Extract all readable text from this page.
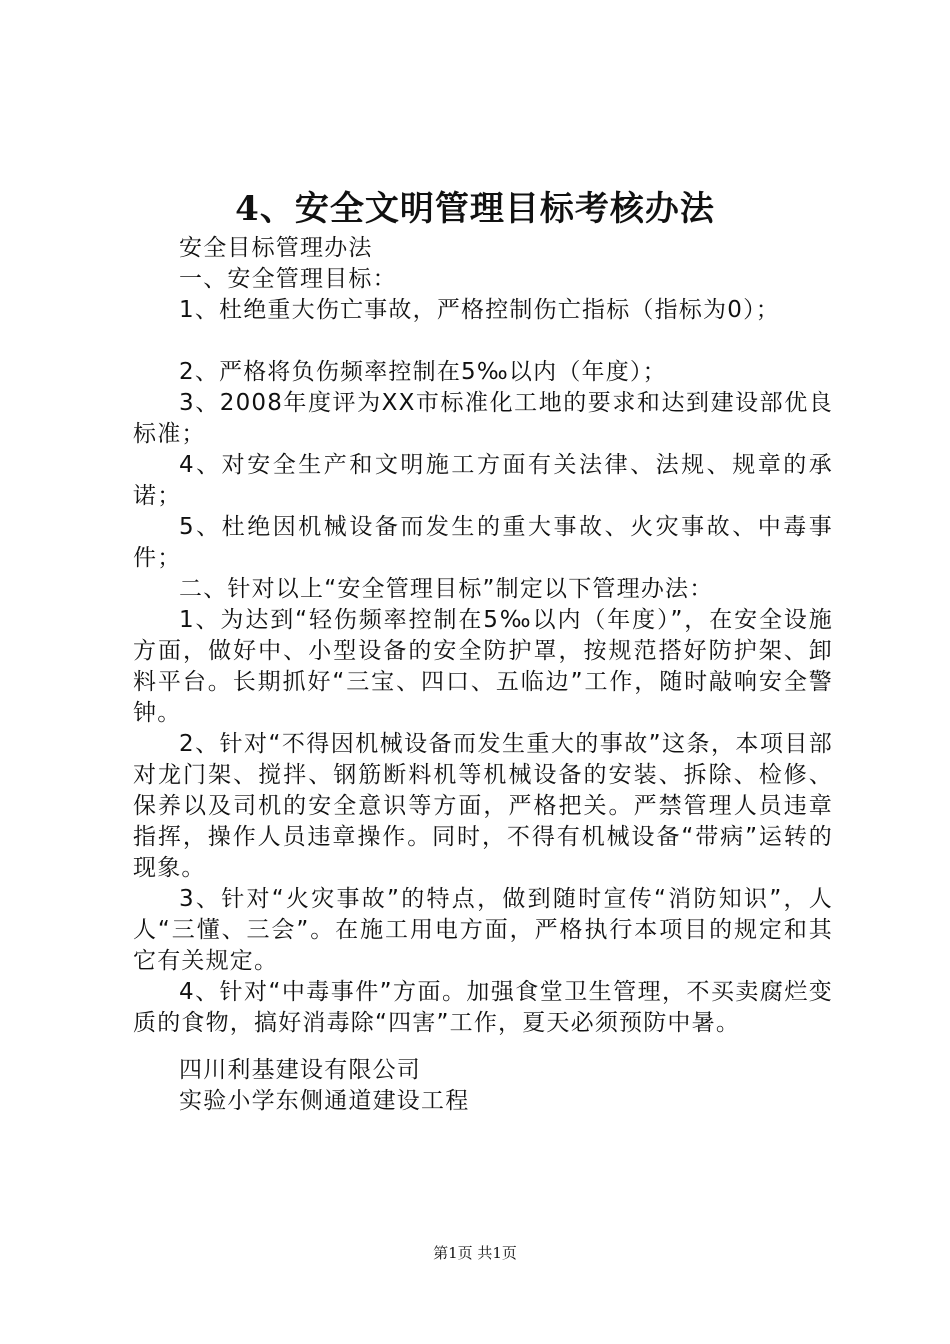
4、安全文明管理目标考核办法

安全目标管理办法

一、安全管理目标：

1、杜绝重大伤亡事故，严格控制伤亡指标（指标为0）；

2、严格将负伤频率控制在5‰以内（年度）；

3、2008年度评为XX市标准化工地的要求和达到建设部优良标准；

4、对安全生产和文明施工方面有关法律、法规、规章的承诺；

5、杜绝因机械设备而发生的重大事故、火灾事故、中毒事件；

二、针对以上“安全管理目标”制定以下管理办法：

1、为达到“轻伤频率控制在5‰以内（年度）”，在安全设施方面，做好中、小型设备的安全防护罩，按规范搭好防护架、卸料平台。长期抓好“三宝、四口、五临边”工作，随时敲响安全警钟。

2、针对“不得因机械设备而发生重大的事故”这条，本项目部对龙门架、搅拌、钢筋断料机等机械设备的安装、拆除、检修、保养以及司机的安全意识等方面，严格把关。严禁管理人员违章指挥，操作人员违章操作。同时，不得有机械设备“带病”运转的现象。

3、针对“火灾事故”的特点，做到随时宣传“消防知识”，人人“三懂、三会”。在施工用电方面，严格执行本项目的规定和其它有关规定。

4、针对“中毒事件”方面。加强食堂卫生管理，不买卖腐烂变质的食物，搞好消毒除“四害”工作，夏天必须预防中暑。

四川利基建设有限公司
实验小学东侧通道建设工程
第1页 共1页
